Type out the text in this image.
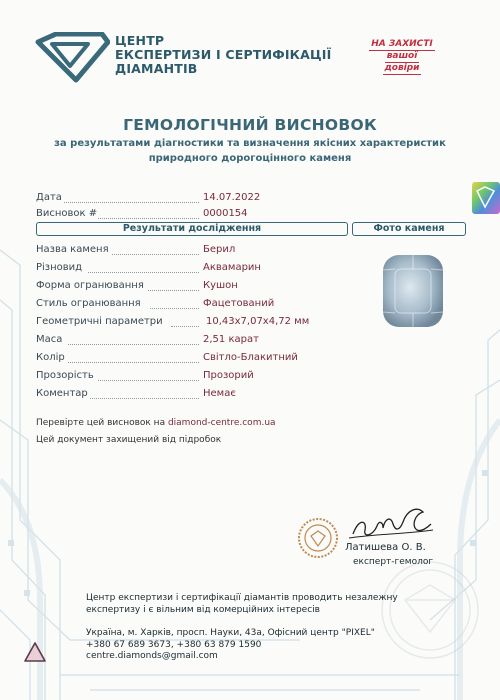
ЦЕНТР
ЕКСПЕРТИЗИ І СЕРТИФІКАЦІЇ
ДІАМАНТІВ
НА ЗАХИСТІ
вашої
довіри
ГЕМОЛОГІЧНИЙ ВИСНОВОК
за результатами діагностики та визначення якісних характеристик
природного дорогоцінного каменя
Дата	14.07.2022
Висновок #	0000154
Результати дослідження	Фото каменя
Назва каменя	Берил
Різновид	Аквамарин
Форма огранювання	Кушон
Стиль огранювання	Фацетований
Геометричні параметри	10,43x7,07x4,72 мм
Маса	2,51 карат
Колір	Світло-Блакитний
Прозорість	Прозорий
Коментар	Немає
Перевірте цей висновок на diamond-centre.com.ua
Цей документ захищений від підробок
Латишева О. В.
експерт-гемолог
Центр експертизи і сертифікації діамантів проводить незалежну
експертизу і є вільним від комерційних інтересів
Україна, м. Харків, просп. Науки, 43а, Офісний центр "PIXEL"
+380 67 689 3673, +380 63 879 1590
centre.diamonds@gmail.com
